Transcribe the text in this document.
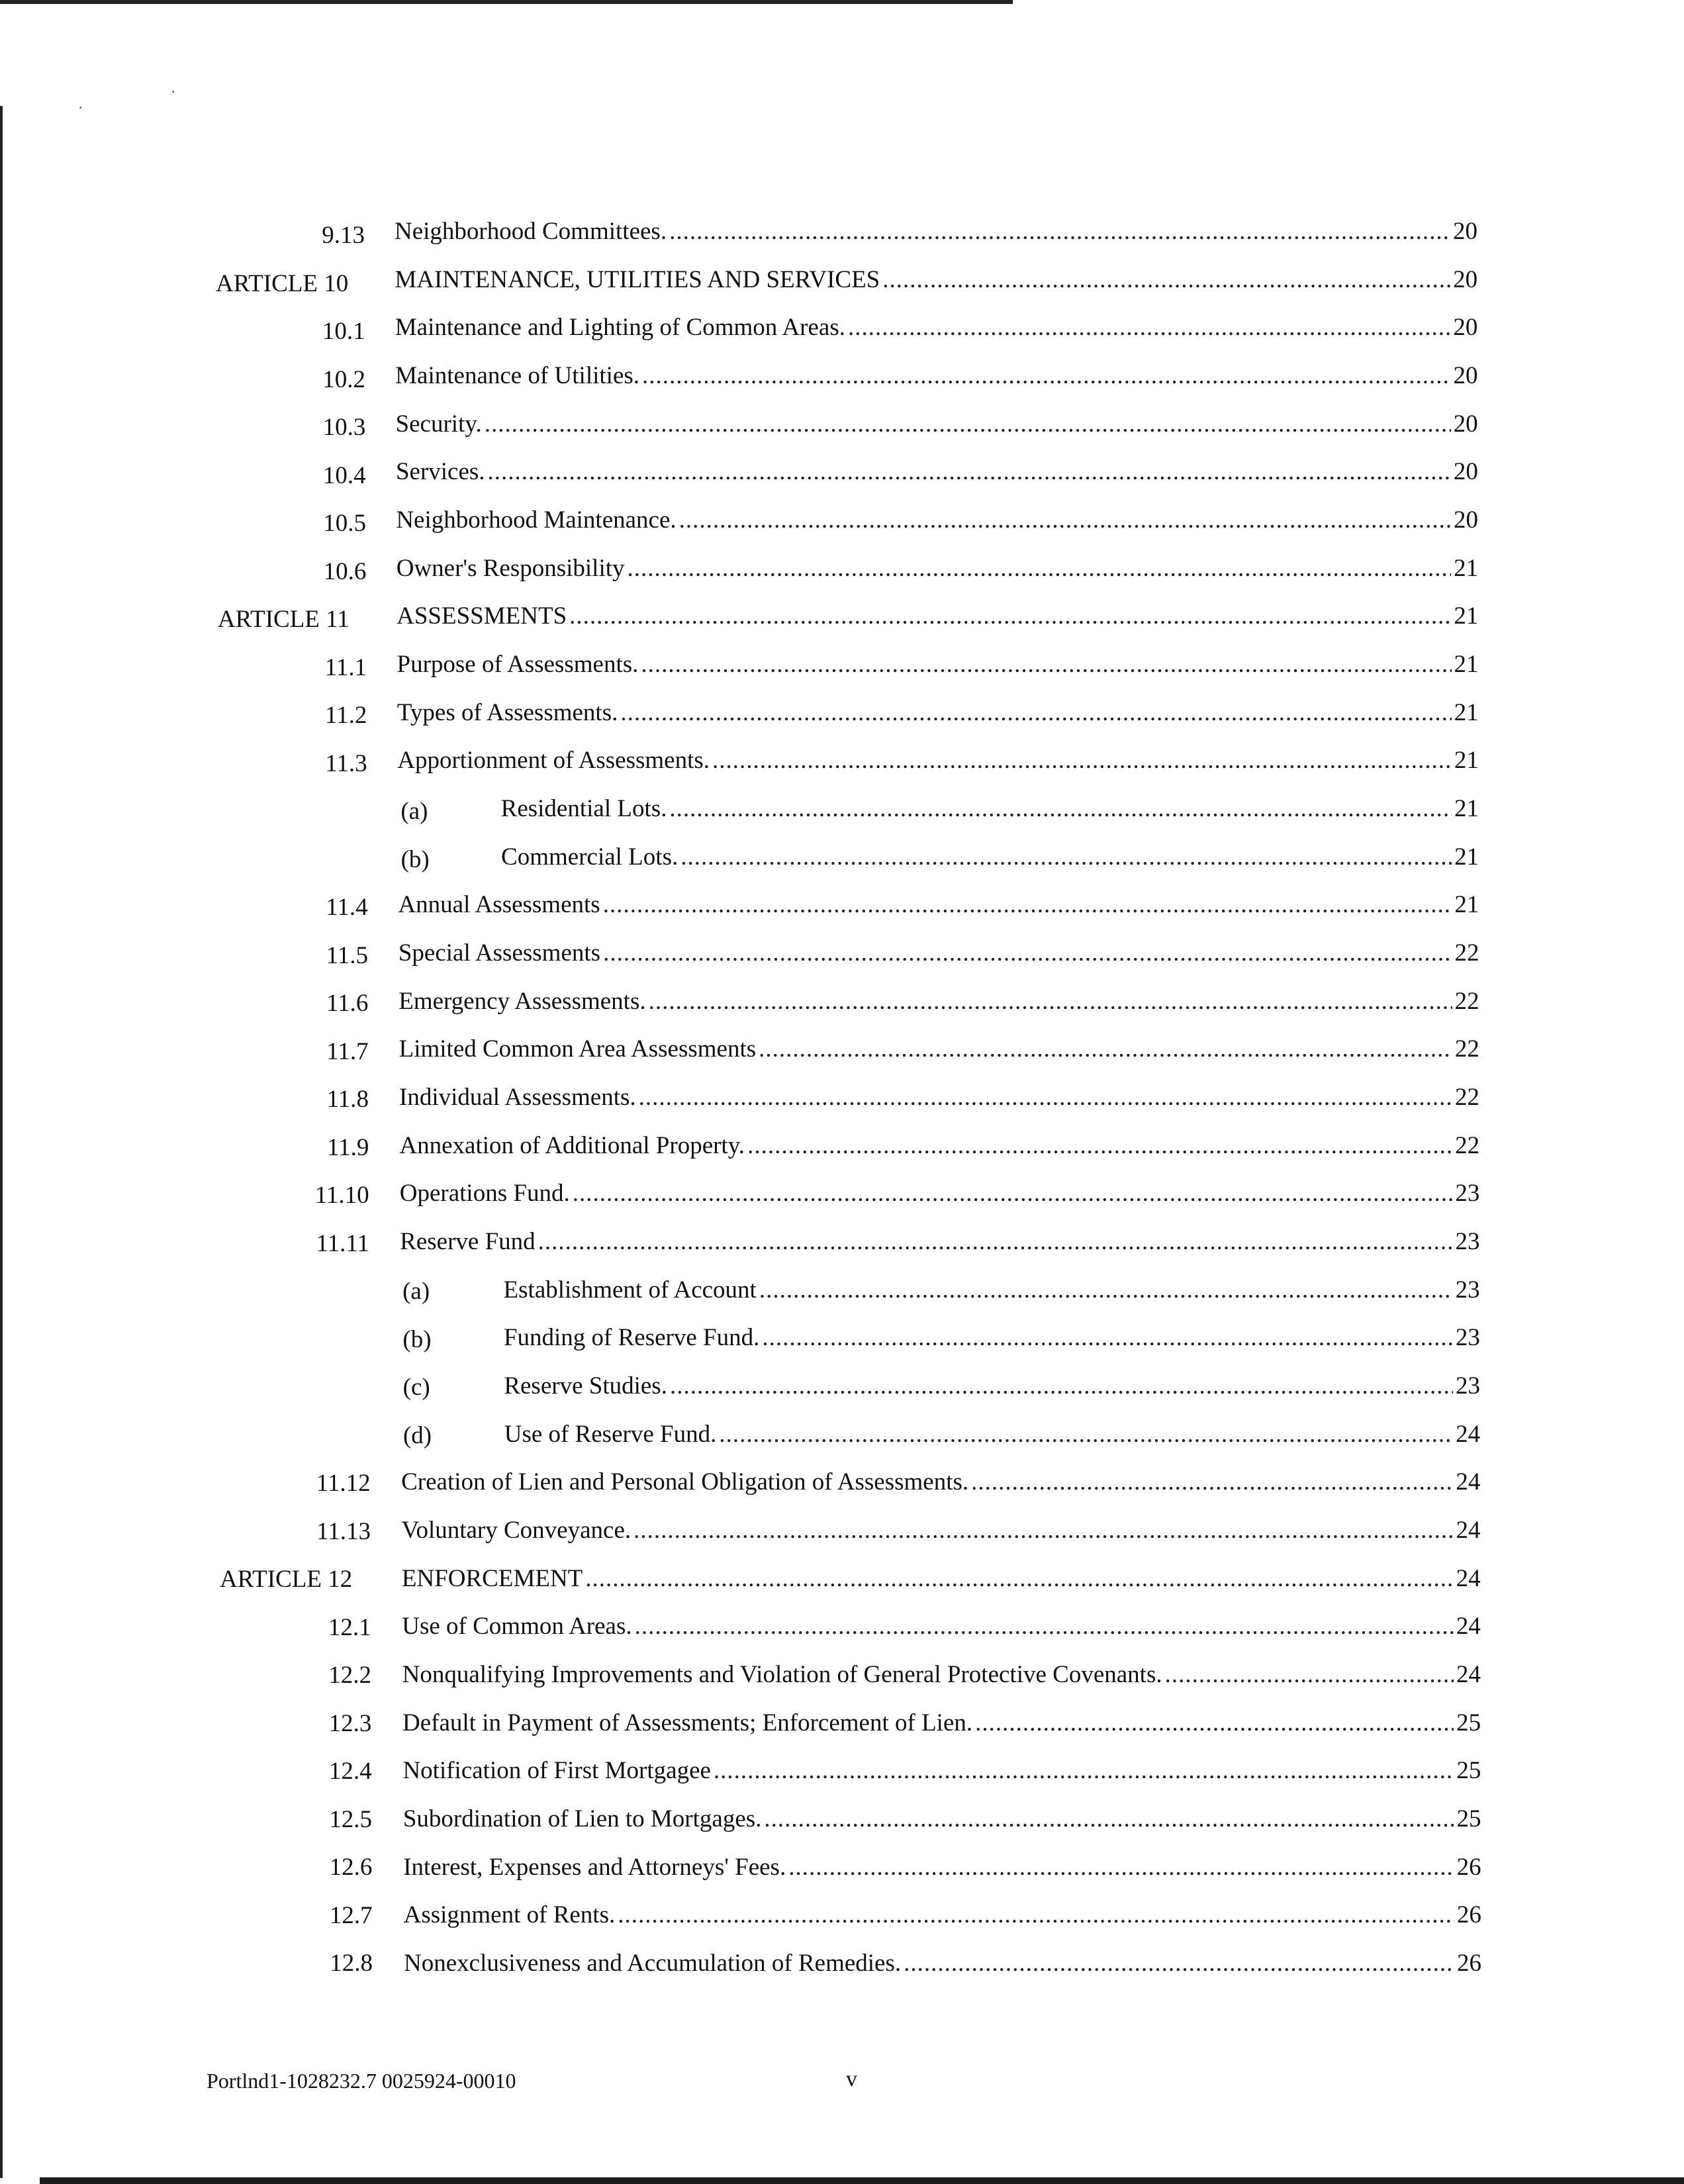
·
·
9.13 Neighborhood Committees. .....	20
ARTICLE 10 MAINTENANCE, UTILITIES AND SERVICES .....	20
10.1 Maintenance and Lighting of Common Areas. .....	20
10.2 Maintenance of Utilities. .....	20
10.3 Security. .....	20
10.4 Services. .....	20
10.5 Neighborhood Maintenance. .....	20
10.6 Owner's Responsibility .....	21
ARTICLE 11 ASSESSMENTS .....	21
11.1 Purpose of Assessments. .....	21
11.2 Types of Assessments. .....	21
11.3 Apportionment of Assessments. .....	21
(a)	Residential Lots. .....	21
(b)	Commercial Lots. .....	21
11.4 Annual Assessments .....	21
11.5 Special Assessments .....	22
11.6 Emergency Assessments. .....	22
11.7 Limited Common Area Assessments .....	22
11.8 Individual Assessments. .....	22
11.9 Annexation of Additional Property. .....	22
11.10 Operations Fund. .....	23
11.11 Reserve Fund .....	23
(a)	Establishment of Account .....	23
(b)	Funding of Reserve Fund. .....	23
(c)	Reserve Studies. .....	23
(d)	Use of Reserve Fund. .....	24
11.12 Creation of Lien and Personal Obligation of Assessments. .....	24
11.13 Voluntary Conveyance. .....	24
ARTICLE 12 ENFORCEMENT .....	24
12.1 Use of Common Areas. .....	24
12.2 Nonqualifying Improvements and Violation of General Protective Covenants. .....	24
12.3 Default in Payment of Assessments; Enforcement of Lien. .....	25
12.4 Notification of First Mortgagee .....	25
12.5 Subordination of Lien to Mortgages. .....	25
12.6 Interest, Expenses and Attorneys' Fees. .....	26
12.7 Assignment of Rents. .....	26
12.8 Nonexclusiveness and Accumulation of Remedies. .....	26
Portlnd1-1028232.7 0025924-00010	v
